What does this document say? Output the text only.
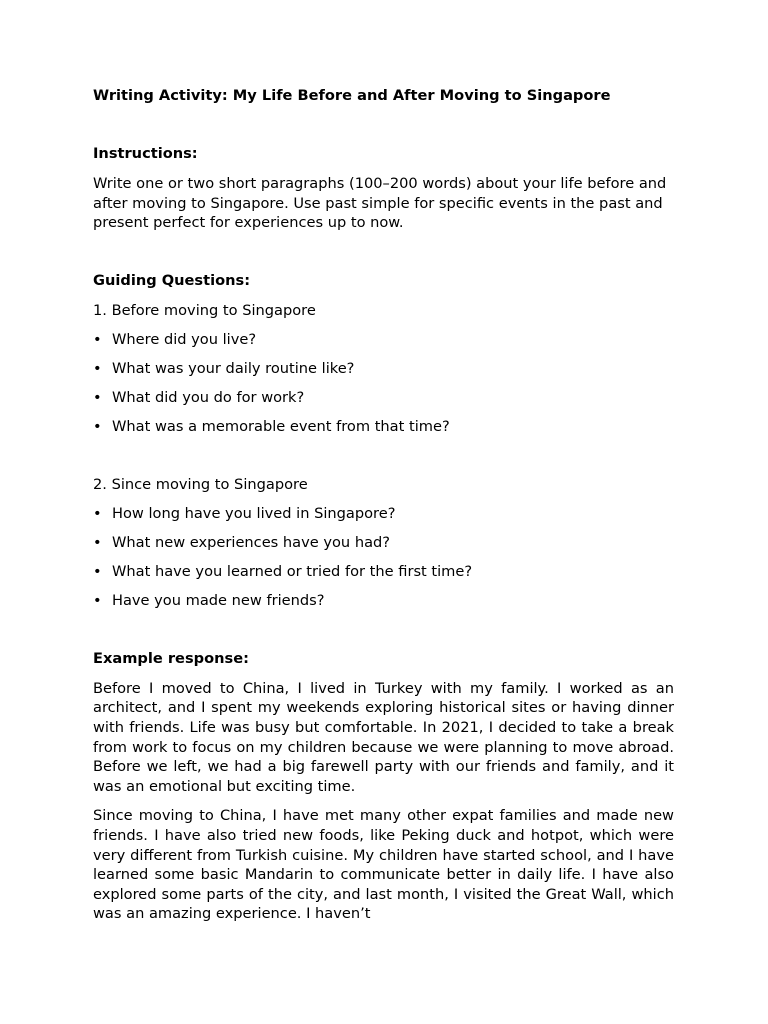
Writing Activity: My Life Before and After Moving to Singapore

Instructions:

Write one or two short paragraphs (100–200 words) about your life before and after moving to Singapore. Use past simple for specific events in the past and present perfect for experiences up to now.

Guiding Questions:

1. Before moving to Singapore

• Where did you live?
• What was your daily routine like?
• What did you do for work?
• What was a memorable event from that time?

2. Since moving to Singapore

• How long have you lived in Singapore?
• What new experiences have you had?
• What have you learned or tried for the first time?
• Have you made new friends?

Example response:

Before I moved to China, I lived in Turkey with my family. I worked as an architect, and I spent my weekends exploring historical sites or having dinner with friends. Life was busy but comfortable. In 2021, I decided to take a break from work to focus on my children because we were planning to move abroad. Before we left, we had a big farewell party with our friends and family, and it was an emotional but exciting time.

Since moving to China, I have met many other expat families and made new friends. I have also tried new foods, like Peking duck and hotpot, which were very different from Turkish cuisine. My children have started school, and I have learned some basic Mandarin to communicate better in daily life. I have also explored some parts of the city, and last month, I visited the Great Wall, which was an amazing experience. I haven’t
